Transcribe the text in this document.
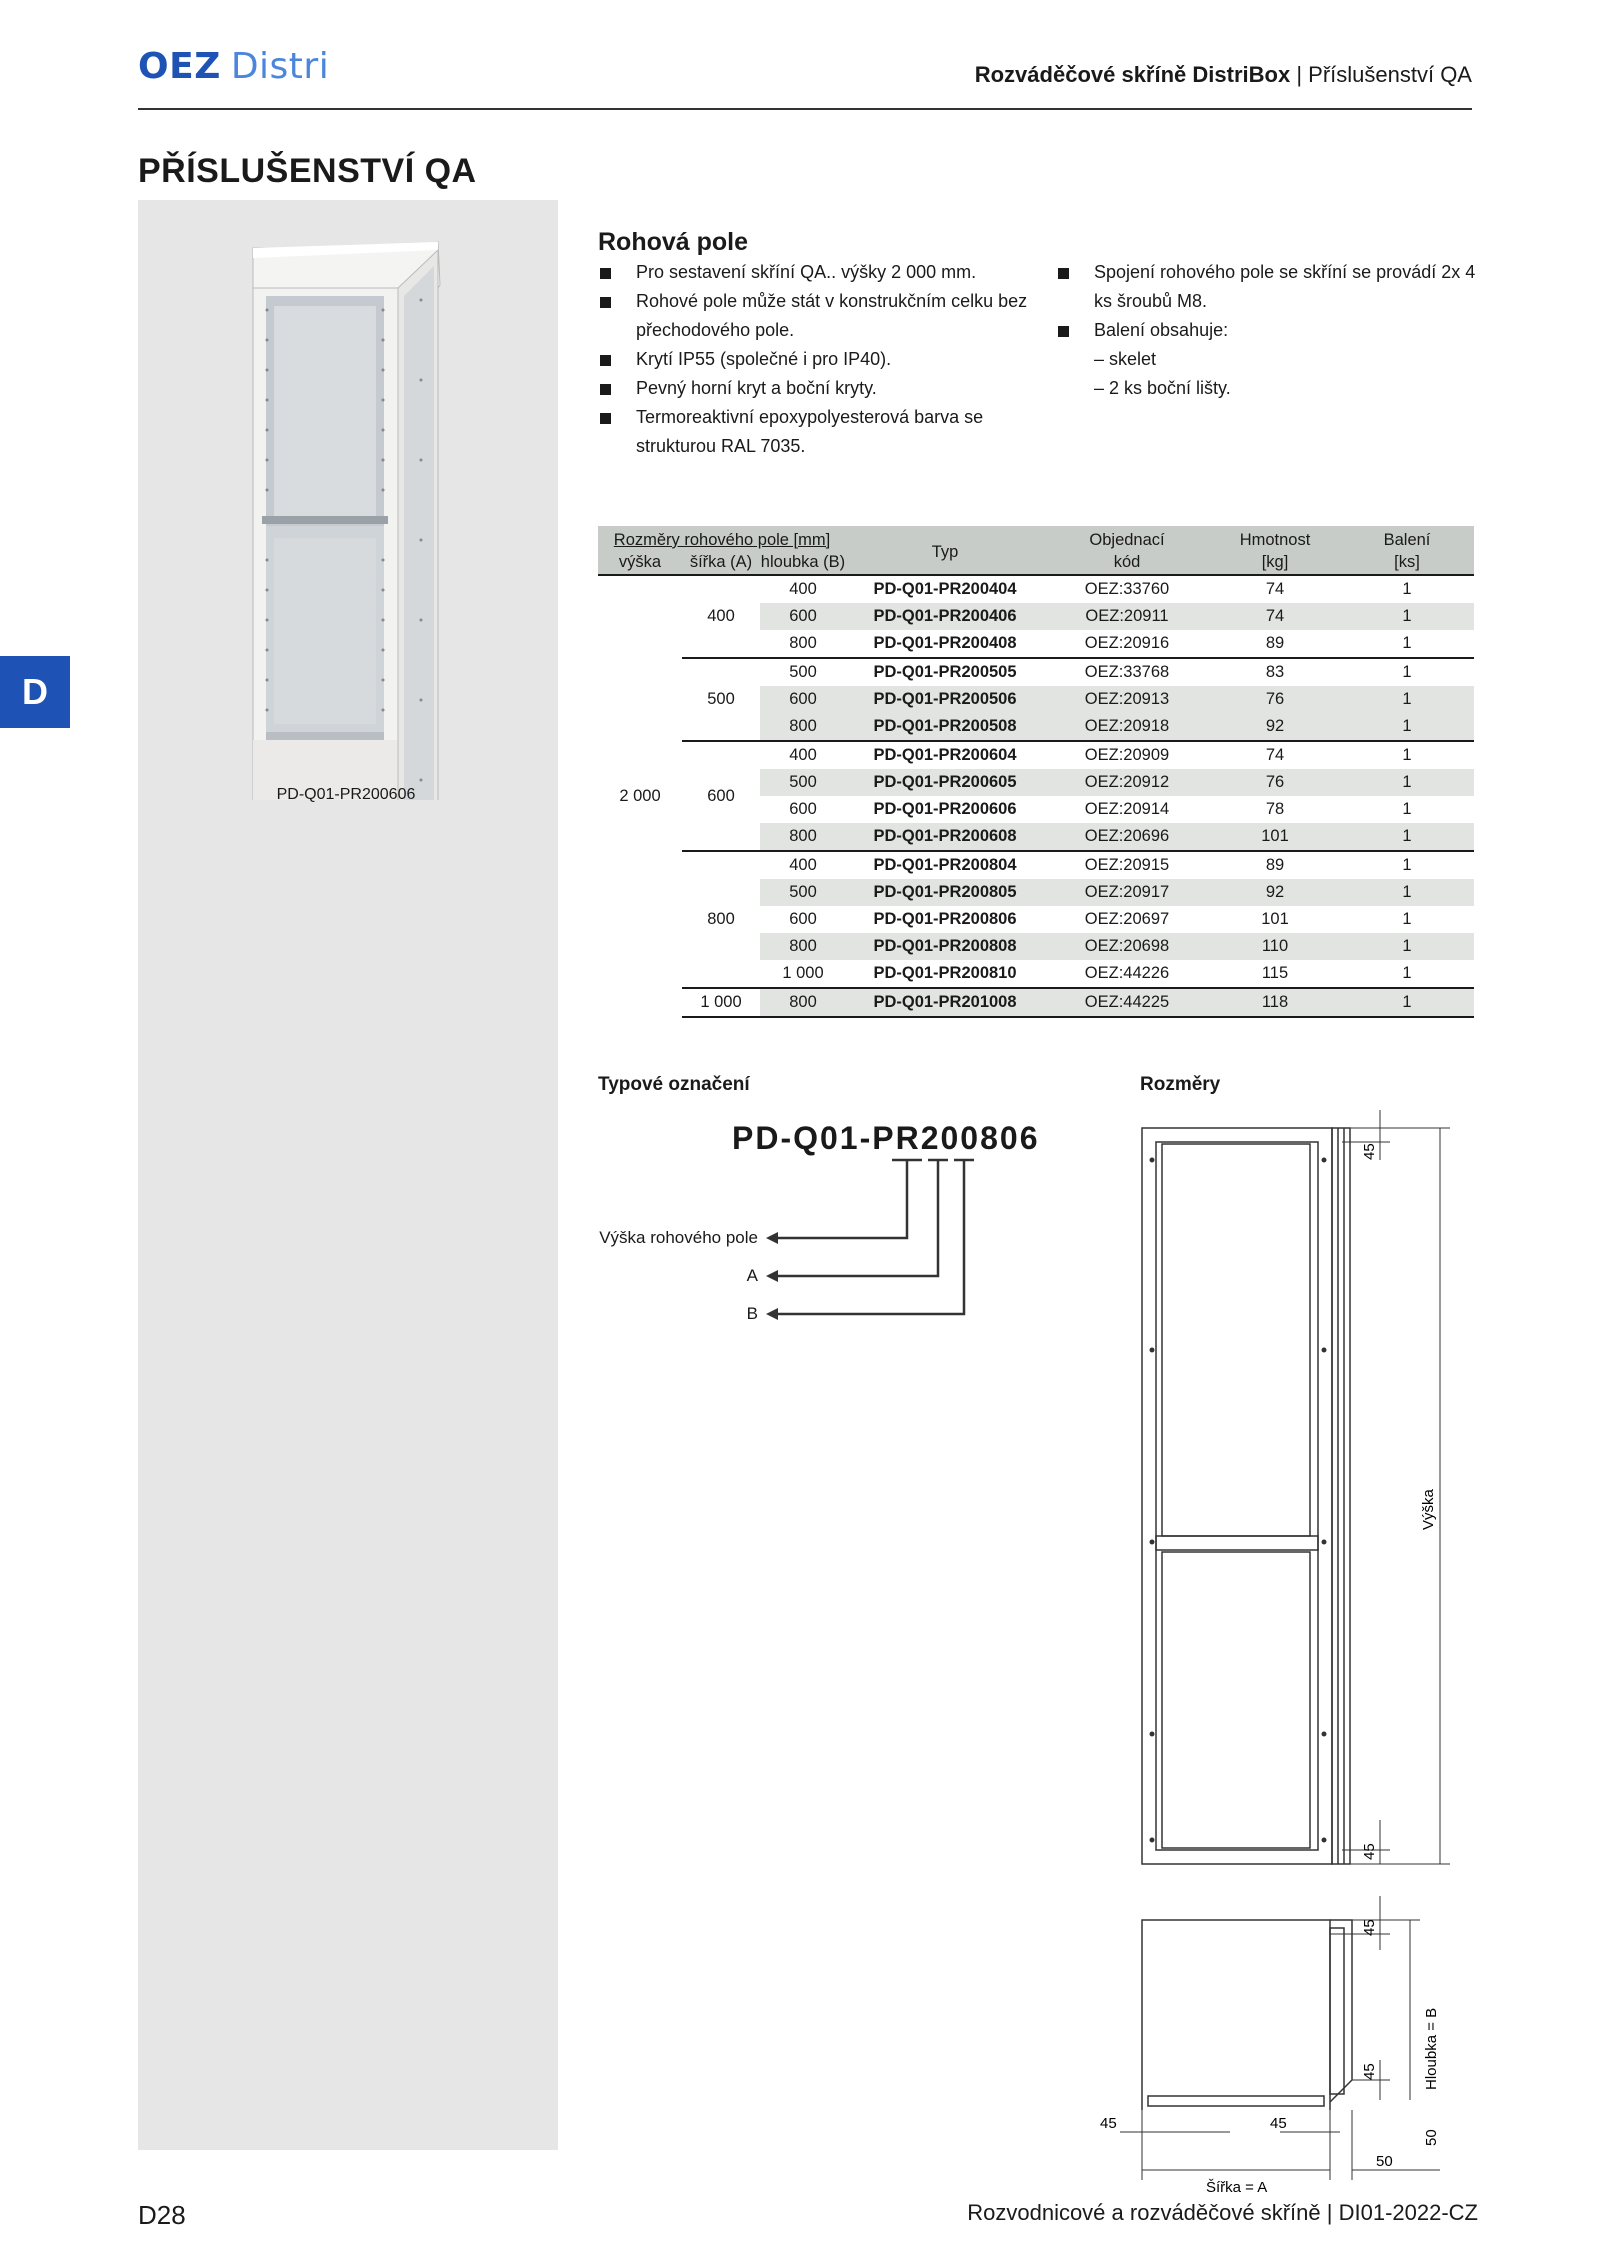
OEZ Distri	Rozváděčové skříně DistriBox | Příslušenství QA
PŘÍSLUŠENSTVÍ QA
D
PD-Q01-PR200606
Rohová pole
Pro sestavení skříní QA.. výšky 2 000 mm.
Rohové pole může stát v konstrukčním celku bez přechodového pole.
Krytí IP55 (společné i pro IP40).
Pevný horní kryt a boční kryty.
Termoreaktivní epoxypolyesterová barva se strukturou RAL 7035.
Spojení rohového pole se skříní se provádí 2x 4 ks šroubů M8.
Balení obsahuje:
– skelet
– 2 ks boční lišty.
Rozměry rohového pole [mm]			Typ	Objednací	Hmotnost	Balení
výška	šířka (A)	hloubka (B)		kód	[kg]	[ks]
2 000	400	400	PD-Q01-PR200404	OEZ:33760	74	1
		600	PD-Q01-PR200406	OEZ:20911	74	1
		800	PD-Q01-PR200408	OEZ:20916	89	1
	500	500	PD-Q01-PR200505	OEZ:33768	83	1
		600	PD-Q01-PR200506	OEZ:20913	76	1
		800	PD-Q01-PR200508	OEZ:20918	92	1
	600	400	PD-Q01-PR200604	OEZ:20909	74	1
		500	PD-Q01-PR200605	OEZ:20912	76	1
		600	PD-Q01-PR200606	OEZ:20914	78	1
		800	PD-Q01-PR200608	OEZ:20696	101	1
	800	400	PD-Q01-PR200804	OEZ:20915	89	1
		500	PD-Q01-PR200805	OEZ:20917	92	1
		600	PD-Q01-PR200806	OEZ:20697	101	1
		800	PD-Q01-PR200808	OEZ:20698	110	1
		1 000	PD-Q01-PR200810	OEZ:44226	115	1
	1 000	800	PD-Q01-PR201008	OEZ:44225	118	1
Typové označení	Rozměry
PD-Q01-PR200806
Výška rohového pole
A
B
45
45
Výška
45
45	Hloubka = B
45	45
Šířka = A
50
50
D28	Rozvodnicové a rozváděčové skříně | DI01-2022-CZ
